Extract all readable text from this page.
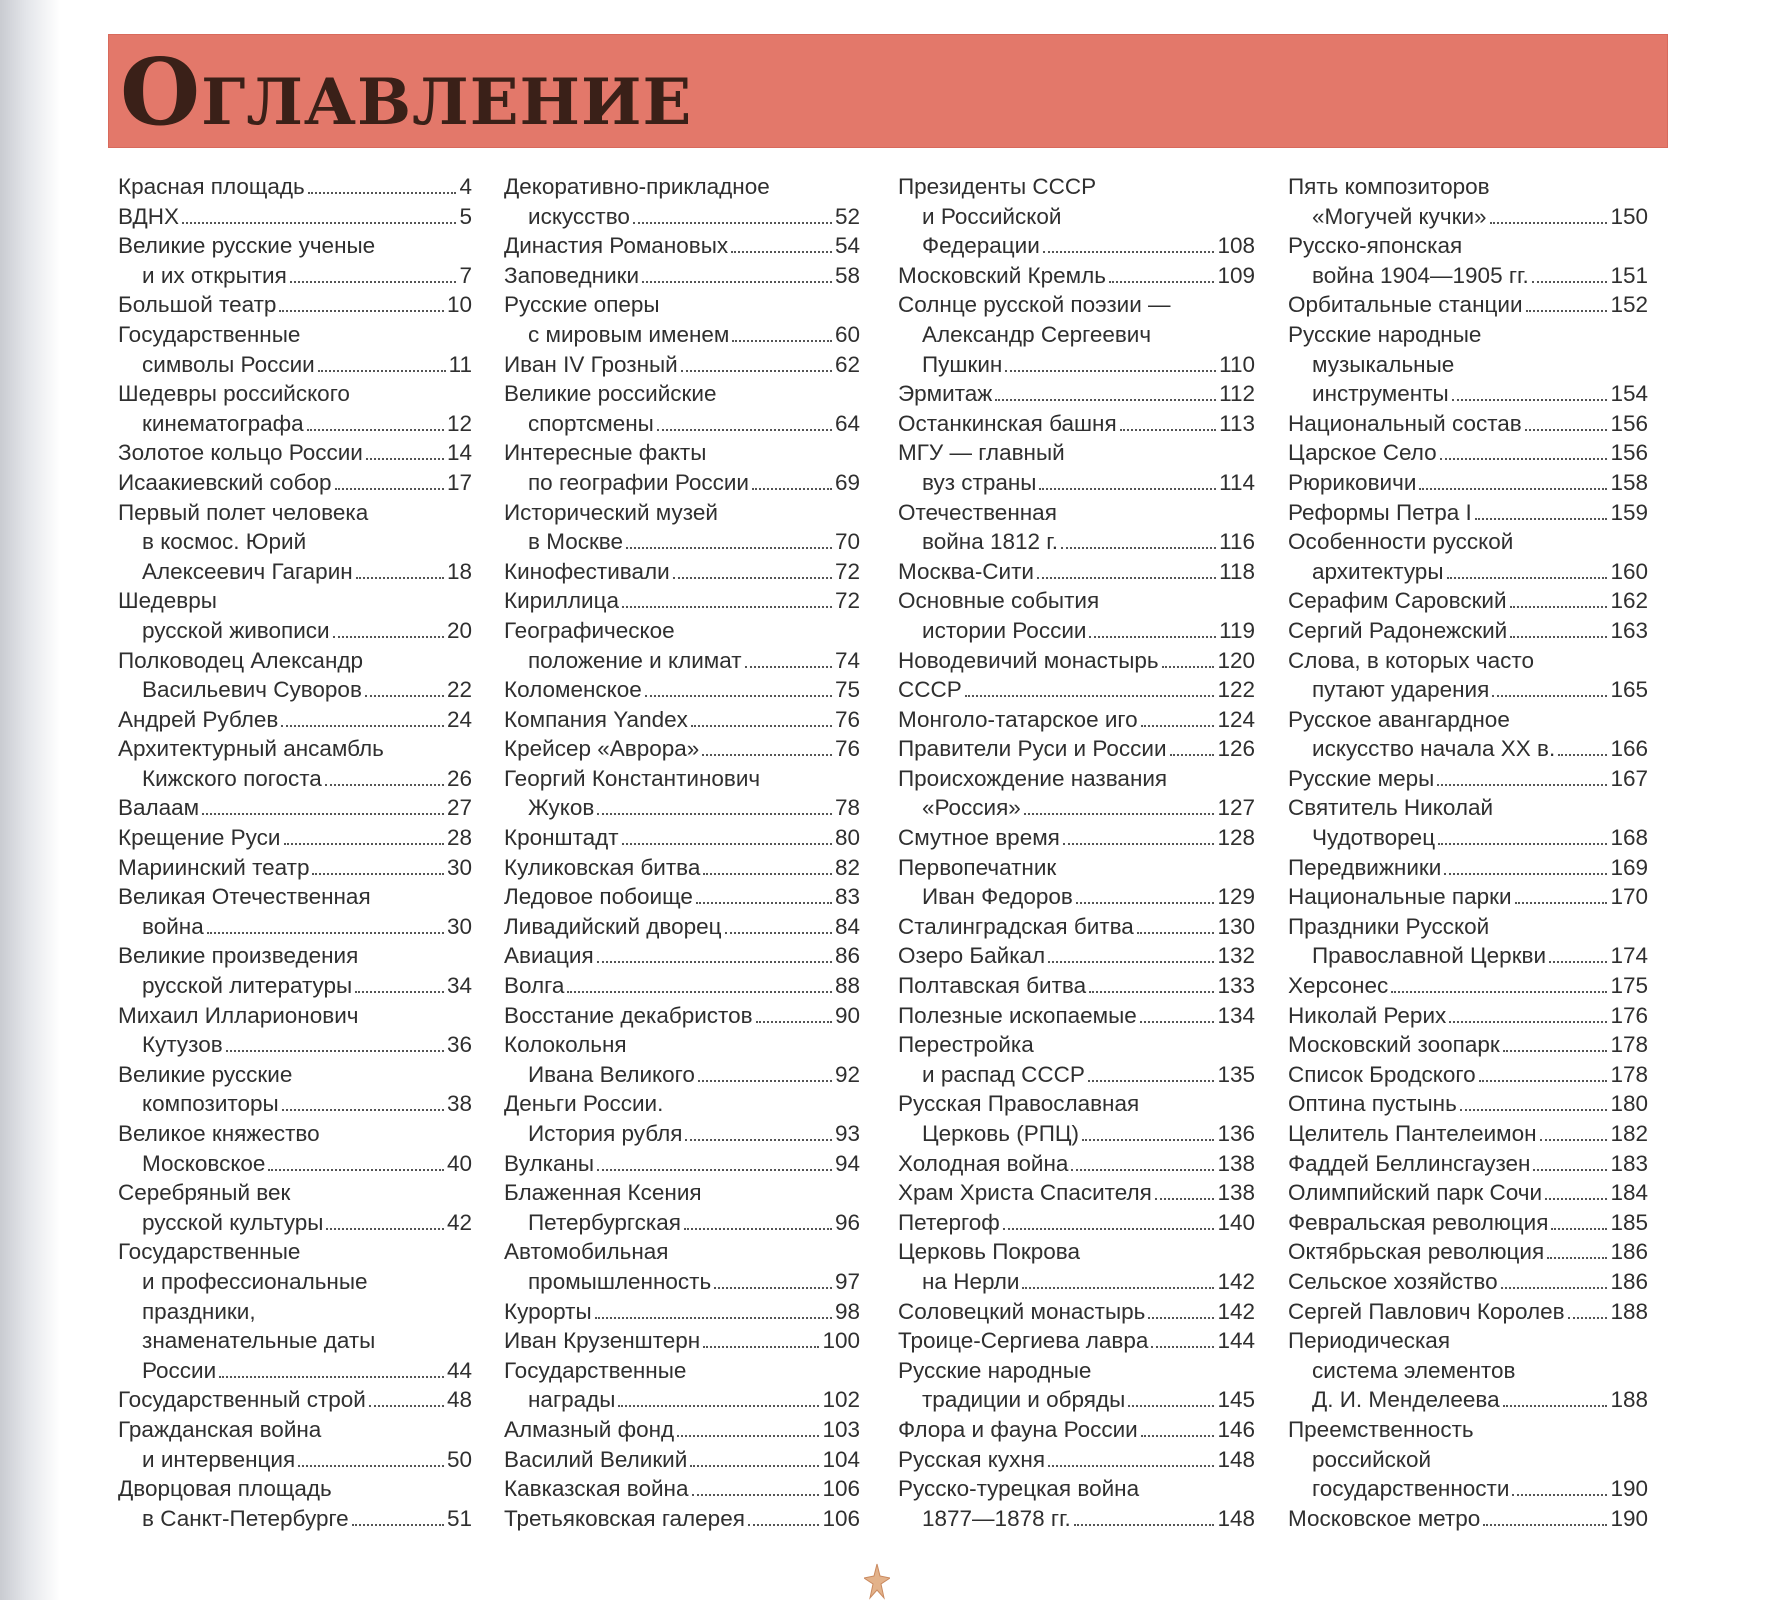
Оглавление
Красная площадь	4
ВДНХ	5
Великие русские ученые
и их открытия	7
Большой театр	10
Государственные
символы России	11
Шедевры российского
кинематографа	12
Золотое кольцо России	14
Исаакиевский собор	17
Первый полет человека
в космос. Юрий
Алексеевич Гагарин	18
Шедевры
русской живописи	20
Полководец Александр
Васильевич Суворов	22
Андрей Рублев	24
Архитектурный ансамбль
Кижского погоста	26
Валаам	27
Крещение Руси	28
Мариинский театр	30
Великая Отечественная
война	30
Великие произведения
русской литературы	34
Михаил Илларионович
Кутузов	36
Великие русские
композиторы	38
Великое княжество
Московское	40
Серебряный век
русской культуры	42
Государственные
и профессиональные
праздники,
знаменательные даты
России	44
Государственный строй	48
Гражданская война
и интервенция	50
Дворцовая площадь
в Санкт-Петербурге	51
Декоративно-прикладное
искусство	52
Династия Романовых	54
Заповедники	58
Русские оперы
с мировым именем	60
Иван IV Грозный	62
Великие российские
спортсмены	64
Интересные факты
по географии России	69
Исторический музей
в Москве	70
Кинофестивали	72
Кириллица	72
Географическое
положение и климат	74
Коломенское	75
Компания Yandex	76
Крейсер «Аврора»	76
Георгий Константинович
Жуков	78
Кронштадт	80
Куликовская битва	82
Ледовое побоище	83
Ливадийский дворец	84
Авиация	86
Волга	88
Восстание декабристов	90
Колокольня
Ивана Великого	92
Деньги России.
История рубля	93
Вулканы	94
Блаженная Ксения
Петербургская	96
Автомобильная
промышленность	97
Курорты	98
Иван Крузенштерн	100
Государственные
награды	102
Алмазный фонд	103
Василий Великий	104
Кавказская война	106
Третьяковская галерея	106
Президенты СССР
и Российской
Федерации	108
Московский Кремль	109
Солнце русской поэзии —
Александр Сергеевич
Пушкин	110
Эрмитаж	112
Останкинская башня	113
МГУ — главный
вуз страны	114
Отечественная
война 1812 г.	116
Москва-Сити	118
Основные события
истории России	119
Новодевичий монастырь	120
СССР	122
Монголо-татарское иго	124
Правители Руси и России 126
Происхождение названия
«Россия»	127
Смутное время	128
Первопечатник
Иван Федоров	129
Сталинградская битва	130
Озеро Байкал	132
Полтавская битва	133
Полезные ископаемые	134
Перестройка
и распад СССР	135
Русская Православная
Церковь (РПЦ)	136
Холодная война	138
Храм Христа Спасителя	138
Петергоф	140
Церковь Покрова
на Нерли	142
Соловецкий монастырь	142
Троице-Сергиева лавра	144
Русские народные
традиции и обряды	145
Флора и фауна России	146
Русская кухня	148
Русско-турецкая война
1877—1878 гг.	148
Пять композиторов
«Могучей кучки»	150
Русско-японская
война 1904—1905 гг.	151
Орбитальные станции	152
Русские народные
музыкальные
инструменты	154
Национальный состав	156
Царское Село	156
Рюриковичи	158
Реформы Петра I	159
Особенности русской
архитектуры	160
Серафим Саровский	162
Сергий Радонежский	163
Слова, в которых часто
путают ударения	165
Русское авангардное
искусство начала XX в. 166
Русские меры	167
Святитель Николай
Чудотворец	168
Передвижники	169
Национальные парки	170
Праздники Русской
Православной Церкви	174
Херсонес	175
Николай Рерих	176
Московский зоопарк	178
Список Бродского	178
Оптина пустынь	180
Целитель Пантелеимон	182
Фаддей Беллинсгаузен	183
Олимпийский парк Сочи	184
Февральская революция	185
Октябрьская революция	186
Сельское хозяйство	186
Сергей Павлович Королев 188
Периодическая
система элементов
Д. И. Менделеева	188
Преемственность
российской
государственности	190
Московское метро	190
